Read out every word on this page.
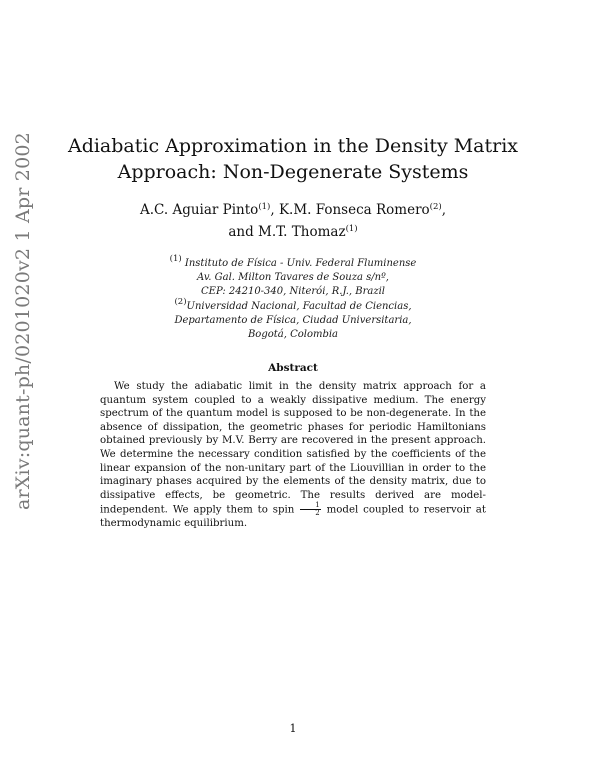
arXiv:quant-ph/0201020v2 1 Apr 2002	Adiabatic Approximation in the Density Matrix
Approach: Non-Degenerate Systems
A.C. Aguiar Pinto$^{(1)}$, K.M. Fonseca Romero$^{(2)}$,
and M.T. Thomaz$^{(1)}$
$^{(1)}$ Instituto de Física - Univ. Federal Fluminense
Av. Gal. Milton Tavares de Souza s/nº,
CEP: 24210-340, Niterói, R.J., Brazil
$^{(2)}$Universidad Nacional, Facultad de Ciencias,
Departamento de Física, Ciudad Universitaria,
Bogotá, Colombia
Abstract

We study the adiabatic limit in the density matrix approach for a quantum system coupled to a weakly dissipative medium. The energy spectrum of the quantum model is supposed to be non-degenerate. In the absence of dissipation, the geometric phases for periodic Hamiltonians obtained previously by M.V. Berry are recovered in the present approach. We determine the necessary condition satisfied by the coefficients of the linear expansion of the non-unitary part of the Liouvillian in order to the imaginary phases acquired by the elements of the density matrix, due to dissipative effects, be geometric. The results derived are model-independent. We apply them to spin $\frac{1}{2}$ model coupled to reservoir at thermodynamic equilibrium.

1
